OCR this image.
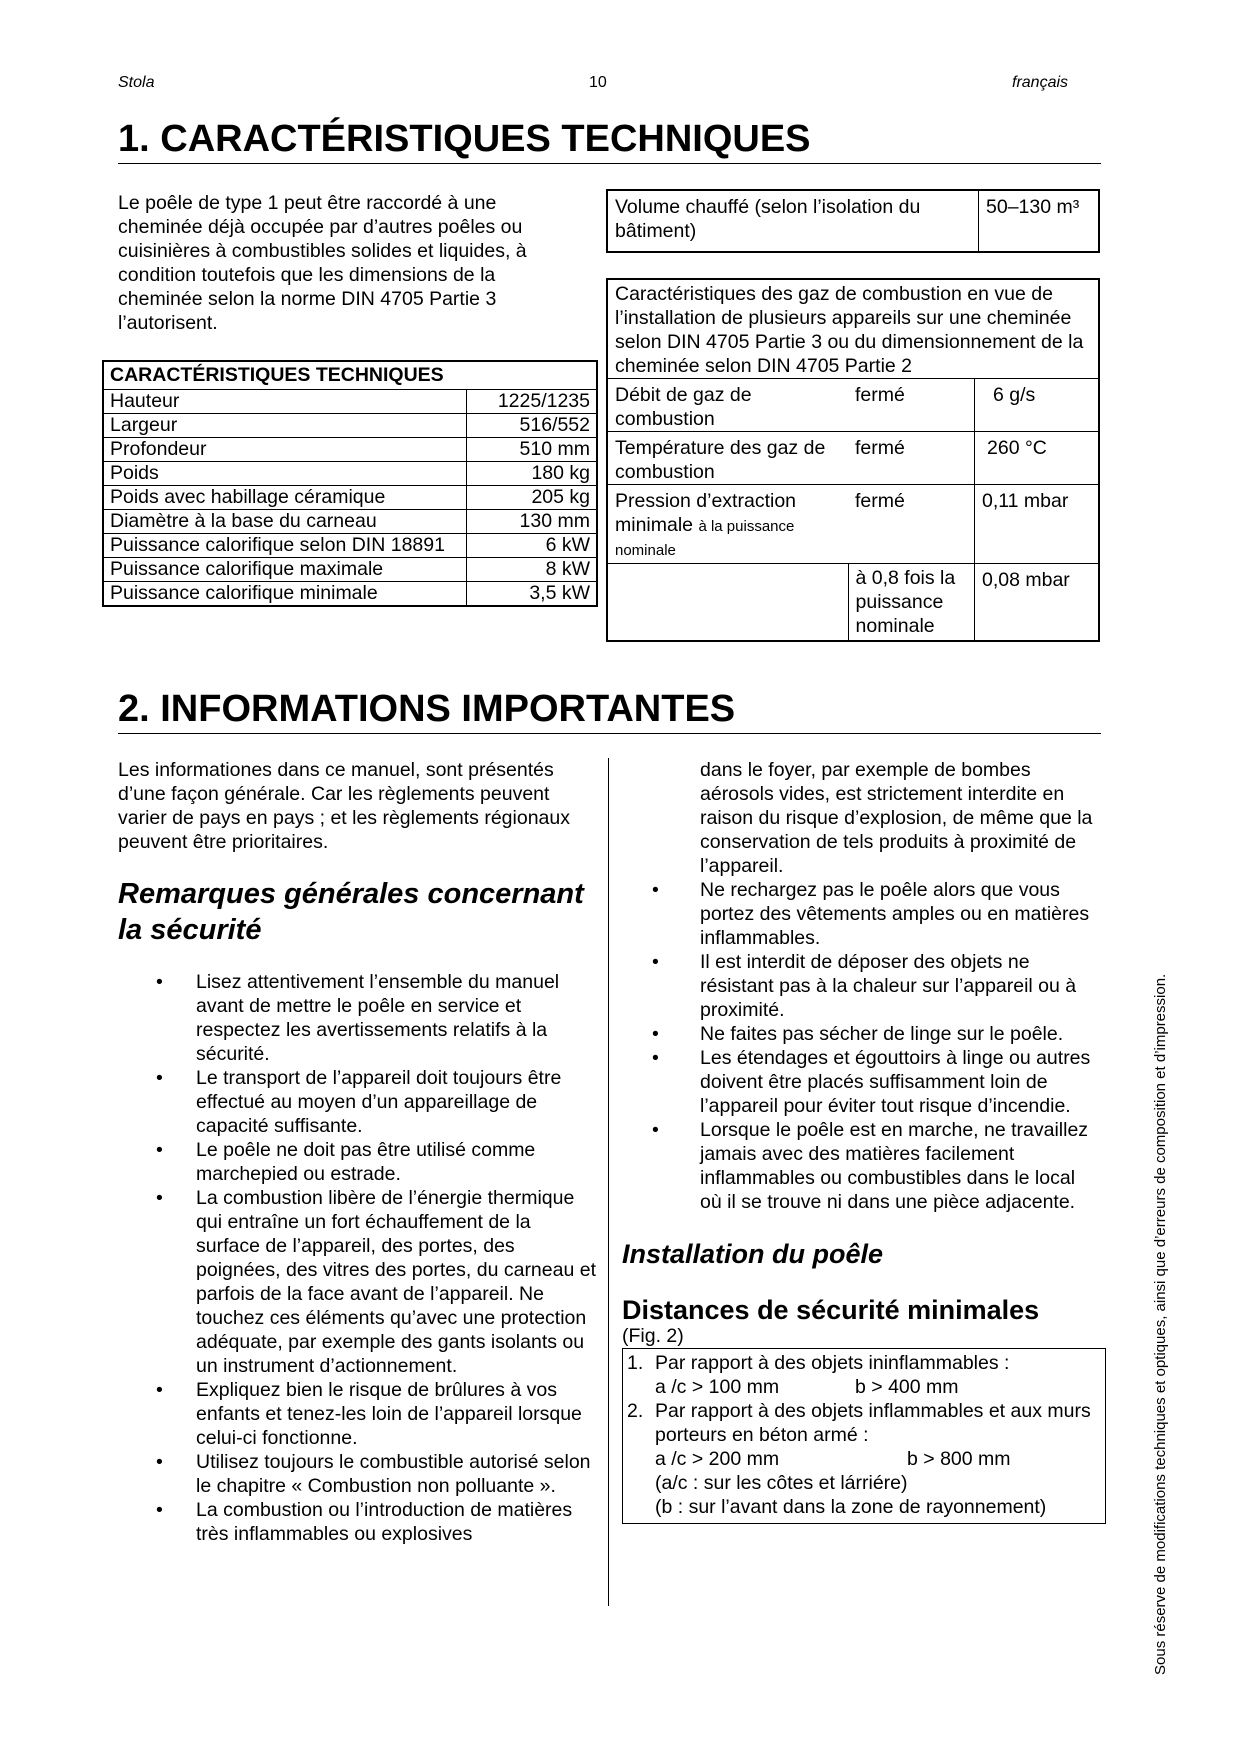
Stola	10	français
1. CARACTÉRISTIQUES TECHNIQUES
Le poêle de type 1 peut être raccordé à une cheminée déjà occupée par d’autres poêles ou cuisinières à combustibles solides et liquides, à condition toutefois que les dimensions de la cheminée selon la norme DIN 4705 Partie 3 l’autorisent.
CARACTÉRISTIQUES TECHNIQUES	
Hauteur	1225/1235
Largeur	516/552
Profondeur	510 mm
Poids	180 kg
Poids avec habillage céramique	205 kg
Diamètre à la base du carneau	130 mm
Puissance calorifique selon DIN 18891	6 kW
Puissance calorifique maximale	8 kW
Puissance calorifique minimale	3,5 kW
Volume chauffé (selon l’isolation du bâtiment)	50–130 m³
Caractéristiques des gaz de combustion en vue de l’installation de plusieurs appareils sur une cheminée selon DIN 4705 Partie 3 ou du dimensionnement de la cheminée selon DIN 4705 Partie 2		
Débit de gaz de combustion	fermé	6 g/s
Température des gaz de combustion	fermé	260 °C
Pression d’extraction minimale à la puissance nominale	fermé	0,11 mbar
	à 0,8 fois la puissance nominale	0,08 mbar
2. INFORMATIONS IMPORTANTES
Les informationes dans ce manuel, sont présentés d’une façon générale. Car les règlements peuvent varier de pays en pays ; et les règlements régionaux peuvent être prioritaires.
Remarques générales concernant la sécurité
• Lisez attentivement l’ensemble du manuel avant de mettre le poêle en service et respectez les avertissements relatifs à la sécurité.
• Le transport de l’appareil doit toujours être effectué au moyen d’un appareillage de capacité suffisante.
• Le poêle ne doit pas être utilisé comme marchepied ou estrade.
• La combustion libère de l’énergie thermique qui entraîne un fort échauffement de la surface de l’appareil, des portes, des poignées, des vitres des portes, du carneau et parfois de la face avant de l’appareil. Ne touchez ces éléments qu’avec une protection adéquate, par exemple des gants isolants ou un instrument d’actionnement.
• Expliquez bien le risque de brûlures à vos enfants et tenez-les loin de l’appareil lorsque celui-ci fonctionne.
• Utilisez toujours le combustible autorisé selon le chapitre « Combustion non polluante ».
• La combustion ou l’introduction de matières très inflammables ou explosives
dans le foyer, par exemple de bombes aérosols vides, est strictement interdite en raison du risque d’explosion, de même que la conservation de tels produits à proximité de l’appareil.
• Ne rechargez pas le poêle alors que vous portez des vêtements amples ou en matières inflammables.
• Il est interdit de déposer des objets ne résistant pas à la chaleur sur l’appareil ou à proximité.
• Ne faites pas sécher de linge sur le poêle.
• Les étendages et égouttoirs à linge ou autres doivent être placés suffisamment loin de l’appareil pour éviter tout risque d’incendie.
• Lorsque le poêle est en marche, ne travaillez jamais avec des matières facilement inflammables ou combustibles dans le local où il se trouve ni dans une pièce adjacente.
Installation du poêle
Distances de sécurité minimales
(Fig. 2)
1. Par rapport à des objets ininflammables :
a /c > 100 mm	b > 400 mm
2. Par rapport à des objets inflammables et aux murs porteurs en béton armé :
a /c > 200 mm	b > 800 mm
(a/c : sur les côtes et lárriére)
(b : sur l’avant dans la zone de rayonnement)	Sous réserve de modifications techniques et optiques, ainsi que d’erreurs de composition et d’impression.
